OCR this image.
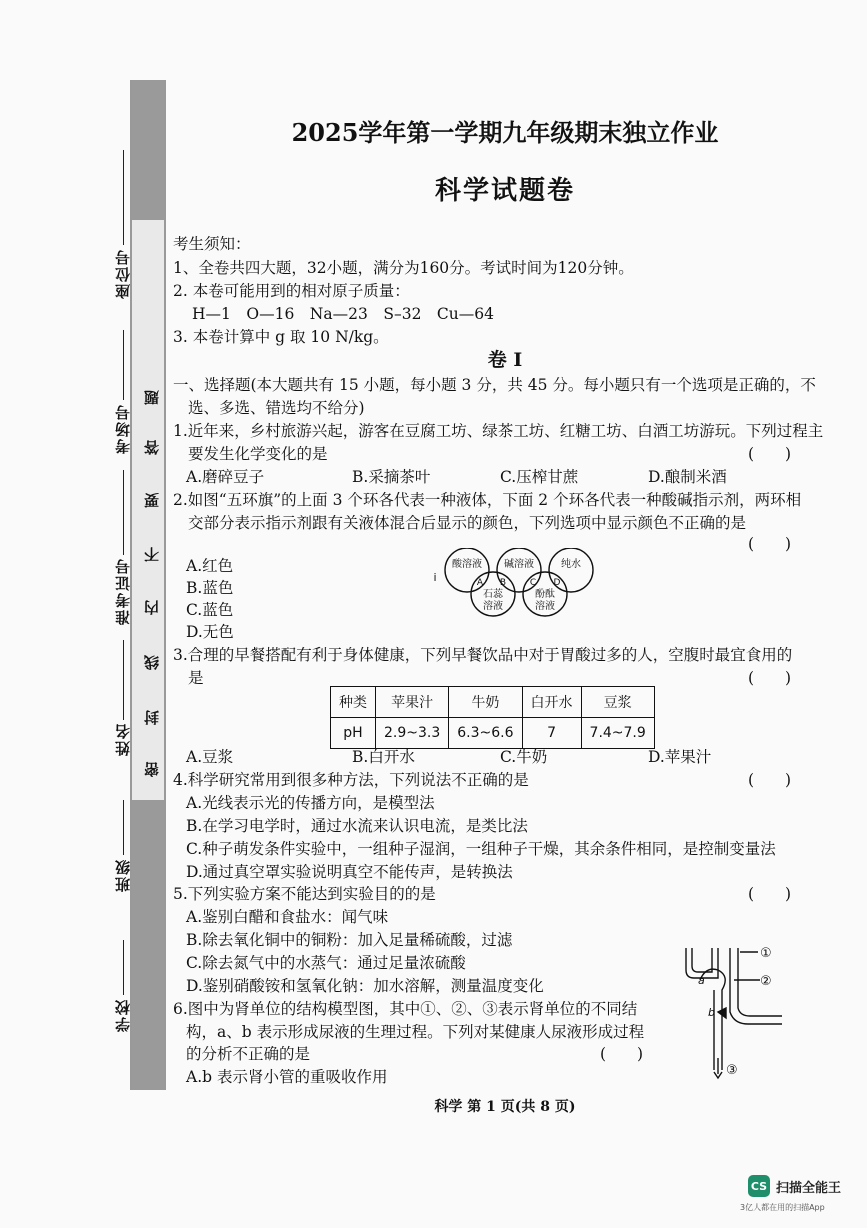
题
答
要
不
内
线
封
密
座位号
考场号
准考证号
姓名
班级
学校
2025学年第一学期九年级期末独立作业
科学试题卷
考生须知：
1、全卷共四大题，32小题，满分为160分。考试时间为120分钟。
2. 本卷可能用到的相对原子质量：
H—1　O—16　Na—23　S–32　Cu—64
3. 本卷计算中 g 取 10 N/kg。
卷 I
一、选择题(本大题共有 15 小题，每小题 3 分，共 45 分。每小题只有一个选项是正确的，不
选、多选、错选均不给分)
1.近年来，乡村旅游兴起，游客在豆腐工坊、绿茶工坊、红糖工坊、白酒工坊游玩。下列过程主
要发生化学变化的是	(　　)
A.磨碎豆子	B.采摘茶叶	C.压榨甘蔗	D.酿制米酒
2.如图“五环旗”的上面 3 个环各代表一种液体，下面 2 个环各代表一种酸碱指示剂，两环相
交部分表示指示剂跟有关液体混合后显示的颜色，下列选项中显示颜色不正确的是
(　　)
A.红色
B.蓝色
C.蓝色
D.无色
酸溶液 碱溶液	纯水
石蕊
溶液
酚酞
溶液
A B	C D
i
3.合理的早餐搭配有利于身体健康，下列早餐饮品中对于胃酸过多的人，空腹时最宜食用的
是	(　　)
种类	苹果汁	牛奶	白开水	豆浆
pH	2.9~3.3	6.3~6.6	7	7.4~7.9
A.豆浆	B.白开水	C.牛奶	D.苹果汁
4.科学研究常用到很多种方法，下列说法不正确的是	(　　)
A.光线表示光的传播方向，是模型法
B.在学习电学时，通过水流来认识电流，是类比法
C.种子萌发条件实验中，一组种子湿润，一组种子干燥，其余条件相同，是控制变量法
D.通过真空罩实验说明真空不能传声，是转换法
5.下列实验方案不能达到实验目的的是	(　　)
A.鉴别白醋和食盐水：闻气味
B.除去氧化铜中的铜粉：加入足量稀硫酸，过滤
C.除去氮气中的水蒸气：通过足量浓硫酸
D.鉴别硝酸铵和氢氧化钠：加水溶解，测量温度变化
6.图中为肾单位的结构模型图，其中①、②、③表示肾单位的不同结
构，a、b 表示形成尿液的生理过程。下列对某健康人尿液形成过程
的分析不正确的是	(　　)
A.b 表示肾小管的重吸收作用
①
②
③
a
b
科学 第 1 页(共 8 页)
CS 扫描全能王
3亿人都在用的扫描App
